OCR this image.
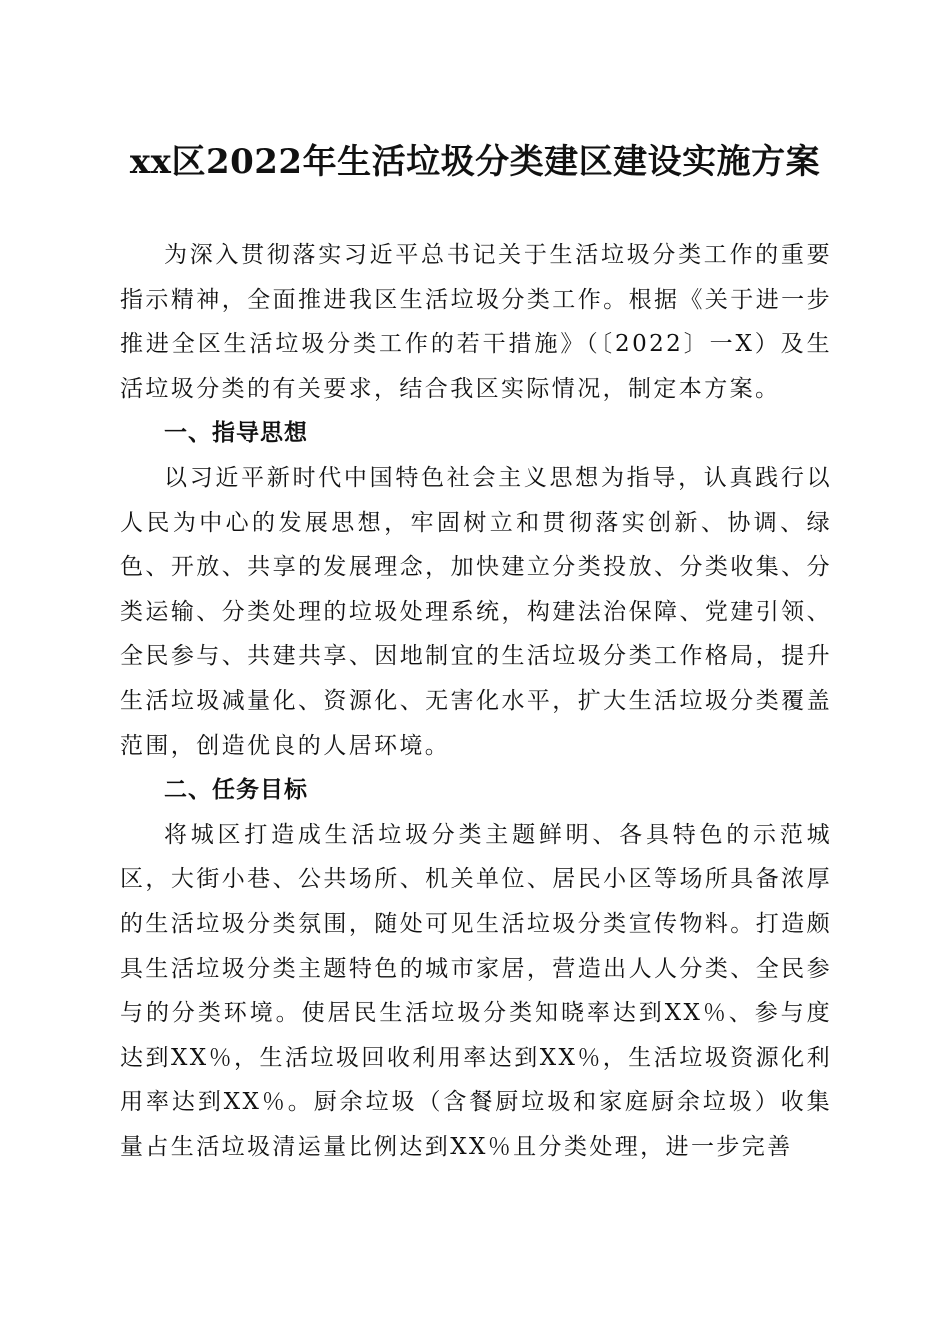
xx区2022年生活垃圾分类建区建设实施方案

为深入贯彻落实习近平总书记关于生活垃圾分类工作的重要指示精神，全面推进我区生活垃圾分类工作。根据《关于进一步推进全区生活垃圾分类工作的若干措施》（〔2022〕一X）及生活垃圾分类的有关要求，结合我区实际情况，制定本方案。

一、指导思想

以习近平新时代中国特色社会主义思想为指导，认真践行以人民为中心的发展思想，牢固树立和贯彻落实创新、协调、绿色、开放、共享的发展理念，加快建立分类投放、分类收集、分类运输、分类处理的垃圾处理系统，构建法治保障、党建引领、全民参与、共建共享、因地制宜的生活垃圾分类工作格局，提升生活垃圾减量化、资源化、无害化水平，扩大生活垃圾分类覆盖范围，创造优良的人居环境。

二、任务目标

将城区打造成生活垃圾分类主题鲜明、各具特色的示范城区，大街小巷、公共场所、机关单位、居民小区等场所具备浓厚的生活垃圾分类氛围，随处可见生活垃圾分类宣传物料。打造颇具生活垃圾分类主题特色的城市家居，营造出人人分类、全民参与的分类环境。使居民生活垃圾分类知晓率达到XX％、参与度达到XX％，生活垃圾回收利用率达到XX％，生活垃圾资源化利用率达到XX％。厨余垃圾（含餐厨垃圾和家庭厨余垃圾）收集量占生活垃圾清运量比例达到XX％且分类处理，进一步完善
